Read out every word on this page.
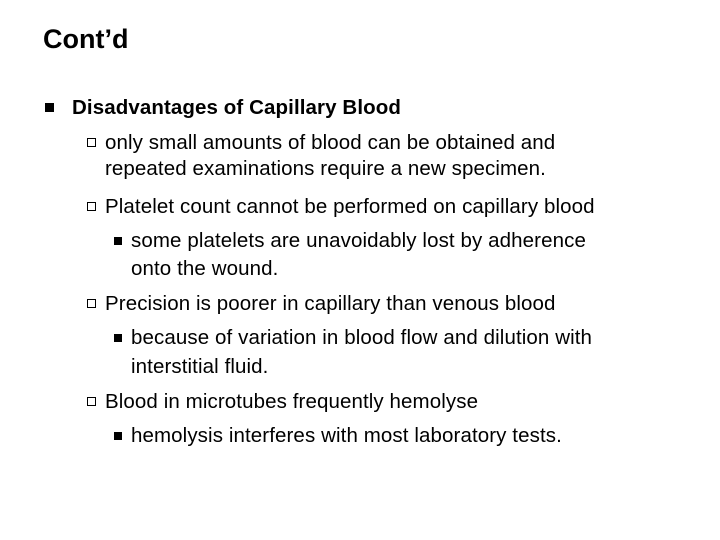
Cont’d
Disadvantages of Capillary Blood
only small amounts of blood can be obtained and
repeated examinations require a new specimen.
Platelet count cannot be performed on capillary blood
some platelets are unavoidably lost by adherence
onto the wound.
Precision is poorer in capillary than venous blood
because of variation in blood flow and dilution with
interstitial fluid.
Blood in microtubes frequently hemolyse
hemolysis interferes with most laboratory tests.
